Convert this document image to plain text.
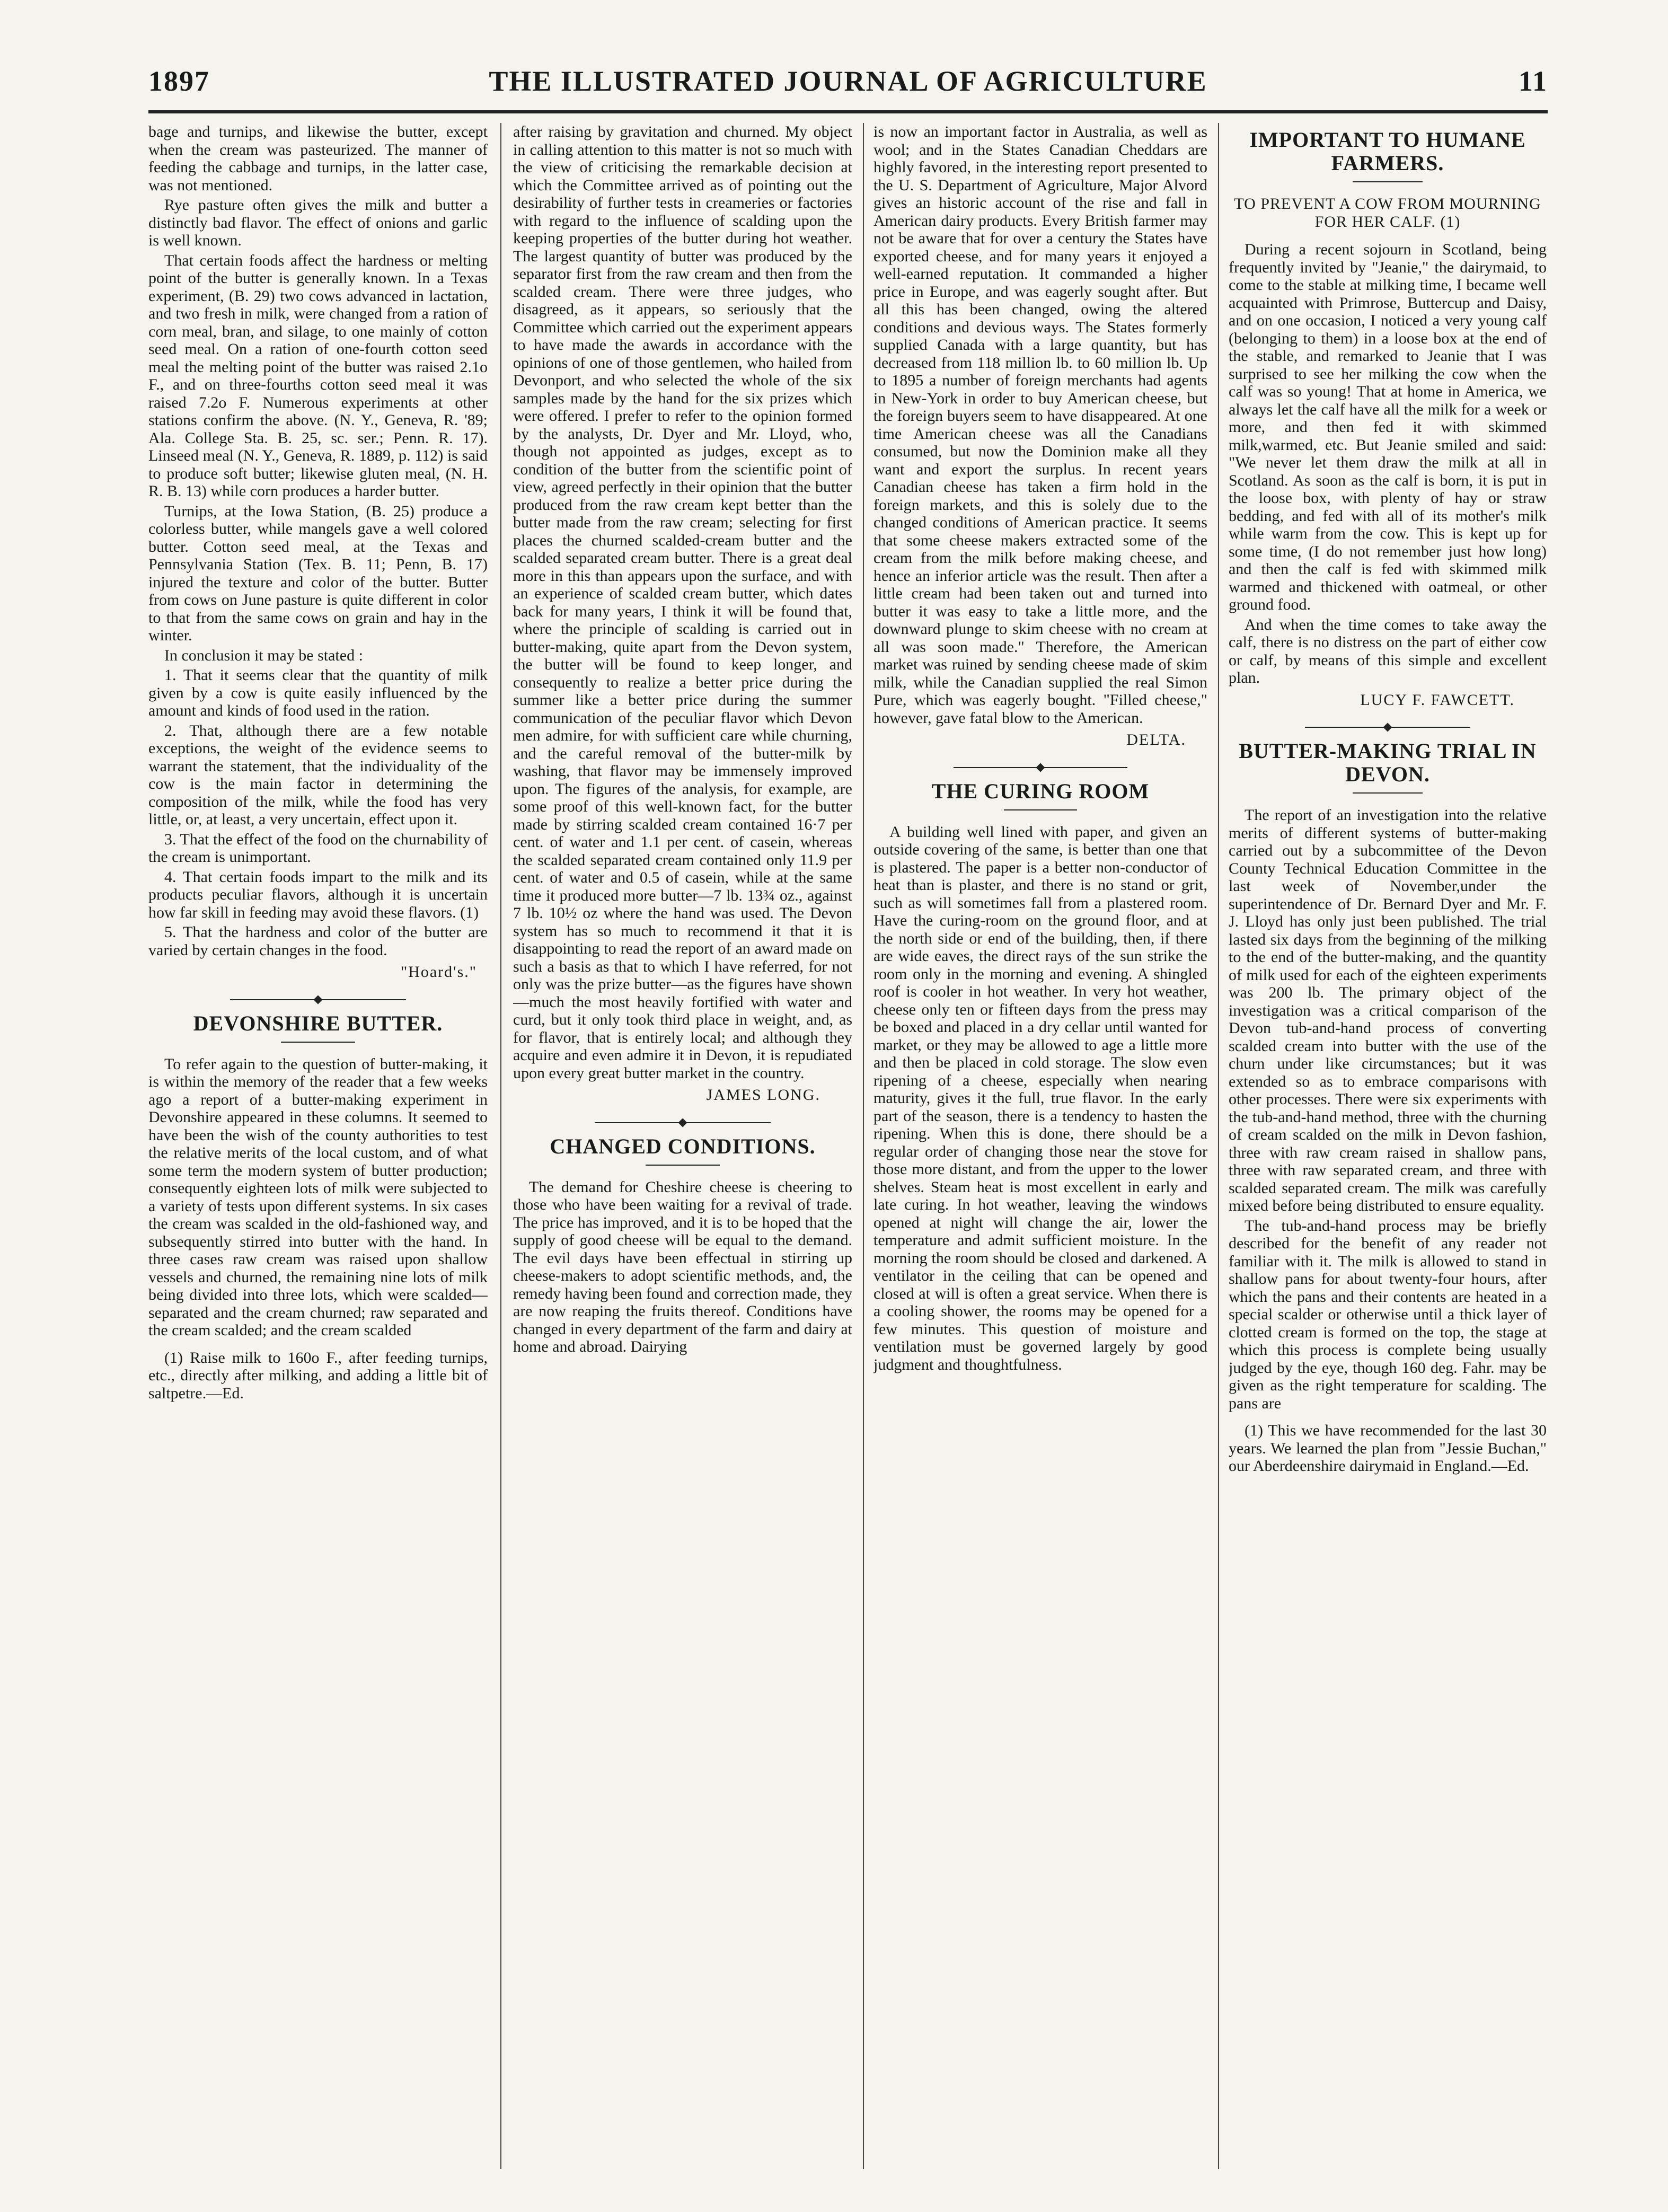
1897	THE ILLUSTRATED JOURNAL OF AGRICULTURE	11

bage and turnips, and likewise the butter, except when the cream was pasteurized. The manner of feeding the cabbage and turnips, in the latter case, was not mentioned.

Rye pasture often gives the milk and butter a distinctly bad flavor. The effect of onions and garlic is well known.

That certain foods affect the hardness or melting point of the butter is generally known. In a Texas experiment, (B. 29) two cows advanced in lactation, and two fresh in milk, were changed from a ration of corn meal, bran, and silage, to one mainly of cotton seed meal. On a ration of one-fourth cotton seed meal the melting point of the butter was raised 2.1o F., and on three-fourths cotton seed meal it was raised 7.2o F. Numerous experiments at other stations confirm the above. (N. Y., Geneva, R. '89; Ala. College Sta. B. 25, sc. ser.; Penn. R. 17). Linseed meal (N. Y., Geneva, R. 1889, p. 112) is said to produce soft butter; likewise gluten meal, (N. H. R. B. 13) while corn produces a harder butter.

Turnips, at the Iowa Station, (B. 25) produce a colorless butter, while mangels gave a well colored butter. Cotton seed meal, at the Texas and Pennsylvania Station (Tex. B. 11; Penn, B. 17) injured the texture and color of the butter. Butter from cows on June pasture is quite different in color to that from the same cows on grain and hay in the winter.

In conclusion it may be stated :

1. That it seems clear that the quantity of milk given by a cow is quite easily influenced by the amount and kinds of food used in the ration.

2. That, although there are a few notable exceptions, the weight of the evidence seems to warrant the statement, that the individuality of the cow is the main factor in determining the composition of the milk, while the food has very little, or, at least, a very uncertain, effect upon it.

3. That the effect of the food on the churnability of the cream is unimportant.

4. That certain foods impart to the milk and its products peculiar flavors, although it is uncertain how far skill in feeding may avoid these flavors. (1)

5. That the hardness and color of the butter are varied by certain changes in the food.

"Hoard's."
DEVONSHIRE BUTTER.

To refer again to the question of butter-making, it is within the memory of the reader that a few weeks ago a report of a butter-making experiment in Devonshire appeared in these columns. It seemed to have been the wish of the county authorities to test the relative merits of the local custom, and of what some term the modern system of butter production; consequently eighteen lots of milk were subjected to a variety of tests upon different systems. In six cases the cream was scalded in the old-fashioned way, and subsequently stirred into butter with the hand. In three cases raw cream was raised upon shallow vessels and churned, the remaining nine lots of milk being divided into three lots, which were scalded—separated and the cream churned; raw separated and the cream scalded; and the cream scalded

(1) Raise milk to 160o F., after feeding turnips, etc., directly after milking, and adding a little bit of saltpetre.—Ed.

after raising by gravitation and churned. My object in calling attention to this matter is not so much with the view of criticising the remarkable decision at which the Committee arrived as of pointing out the desirability of further tests in creameries or factories with regard to the influence of scalding upon the keeping properties of the butter during hot weather. The largest quantity of butter was produced by the separator first from the raw cream and then from the scalded cream. There were three judges, who disagreed, as it appears, so seriously that the Committee which carried out the experiment appears to have made the awards in accordance with the opinions of one of those gentlemen, who hailed from Devonport, and who selected the whole of the six samples made by the hand for the six prizes which were offered. I prefer to refer to the opinion formed by the analysts, Dr. Dyer and Mr. Lloyd, who, though not appointed as judges, except as to condition of the butter from the scientific point of view, agreed perfectly in their opinion that the butter produced from the raw cream kept better than the butter made from the raw cream; selecting for first places the churned scalded-cream butter and the scalded separated cream butter. There is a great deal more in this than appears upon the surface, and with an experience of scalded cream butter, which dates back for many years, I think it will be found that, where the principle of scalding is carried out in butter-making, quite apart from the Devon system, the butter will be found to keep longer, and consequently to realize a better price during the summer like a better price during the summer communication of the peculiar flavor which Devon men admire, for with sufficient care while churning, and the careful removal of the butter-milk by washing, that flavor may be immensely improved upon. The figures of the analysis, for example, are some proof of this well-known fact, for the butter made by stirring scalded cream contained 16·7 per cent. of water and 1.1 per cent. of casein, whereas the scalded separated cream contained only 11.9 per cent. of water and 0.5 of casein, while at the same time it produced more butter—7 lb. 13¾ oz., against 7 lb. 10½ oz where the hand was used. The Devon system has so much to recommend it that it is disappointing to read the report of an award made on such a basis as that to which I have referred, for not only was the prize butter—as the figures have shown—much the most heavily fortified with water and curd, but it only took third place in weight, and, as for flavor, that is entirely local; and although they acquire and even admire it in Devon, it is repudiated upon every great butter market in the country.

JAMES LONG.
CHANGED CONDITIONS.

The demand for Cheshire cheese is cheering to those who have been waiting for a revival of trade. The price has improved, and it is to be hoped that the supply of good cheese will be equal to the demand. The evil days have been effectual in stirring up cheese-makers to adopt scientific methods, and, the remedy having been found and correction made, they are now reaping the fruits thereof. Conditions have changed in every department of the farm and dairy at home and abroad. Dairying

is now an important factor in Australia, as well as wool; and in the States Canadian Cheddars are highly favored, in the interesting report presented to the U. S. Department of Agriculture, Major Alvord gives an historic account of the rise and fall in American dairy products. Every British farmer may not be aware that for over a century the States have exported cheese, and for many years it enjoyed a well-earned reputation. It commanded a higher price in Europe, and was eagerly sought after. But all this has been changed, owing the altered conditions and devious ways. The States formerly supplied Canada with a large quantity, but has decreased from 118 million lb. to 60 million lb. Up to 1895 a number of foreign merchants had agents in New-York in order to buy American cheese, but the foreign buyers seem to have disappeared. At one time American cheese was all the Canadians consumed, but now the Dominion make all they want and export the surplus. In recent years Canadian cheese has taken a firm hold in the foreign markets, and this is solely due to the changed conditions of American practice. It seems that some cheese makers extracted some of the cream from the milk before making cheese, and hence an inferior article was the result. Then after a little cream had been taken out and turned into butter it was easy to take a little more, and the downward plunge to skim cheese with no cream at all was soon made." Therefore, the American market was ruined by sending cheese made of skim milk, while the Canadian supplied the real Simon Pure, which was eagerly bought. "Filled cheese," however, gave fatal blow to the American.

DELTA.
THE CURING ROOM

A building well lined with paper, and given an outside covering of the same, is better than one that is plastered. The paper is a better non-conductor of heat than is plaster, and there is no stand or grit, such as will sometimes fall from a plastered room. Have the curing-room on the ground floor, and at the north side or end of the building, then, if there are wide eaves, the direct rays of the sun strike the room only in the morning and evening. A shingled roof is cooler in hot weather. In very hot weather, cheese only ten or fifteen days from the press may be boxed and placed in a dry cellar until wanted for market, or they may be allowed to age a little more and then be placed in cold storage. The slow even ripening of a cheese, especially when nearing maturity, gives it the full, true flavor. In the early part of the season, there is a tendency to hasten the ripening. When this is done, there should be a regular order of changing those near the stove for those more distant, and from the upper to the lower shelves. Steam heat is most excellent in early and late curing. In hot weather, leaving the windows opened at night will change the air, lower the temperature and admit sufficient moisture. In the morning the room should be closed and darkened. A ventilator in the ceiling that can be opened and closed at will is often a great service. When there is a cooling shower, the rooms may be opened for a few minutes. This question of moisture and ventilation must be governed largely by good judgment and thoughtfulness.

IMPORTANT TO HUMANE FARMERS.
TO PREVENT A COW FROM MOURNING FOR HER CALF. (1)

During a recent sojourn in Scotland, being frequently invited by "Jeanie," the dairymaid, to come to the stable at milking time, I became well acquainted with Primrose, Buttercup and Daisy, and on one occasion, I noticed a very young calf (belonging to them) in a loose box at the end of the stable, and remarked to Jeanie that I was surprised to see her milking the cow when the calf was so young! That at home in America, we always let the calf have all the milk for a week or more, and then fed it with skimmed milk,warmed, etc. But Jeanie smiled and said: "We never let them draw the milk at all in Scotland. As soon as the calf is born, it is put in the loose box, with plenty of hay or straw bedding, and fed with all of its mother's milk while warm from the cow. This is kept up for some time, (I do not remember just how long) and then the calf is fed with skimmed milk warmed and thickened with oatmeal, or other ground food.

And when the time comes to take away the calf, there is no distress on the part of either cow or calf, by means of this simple and excellent plan.

LUCY F. FAWCETT.
BUTTER-MAKING TRIAL IN DEVON.

The report of an investigation into the relative merits of different systems of butter-making carried out by a subcommittee of the Devon County Technical Education Committee in the last week of November,under the superintendence of Dr. Bernard Dyer and Mr. F. J. Lloyd has only just been published. The trial lasted six days from the beginning of the milking to the end of the butter-making, and the quantity of milk used for each of the eighteen experiments was 200 lb. The primary object of the investigation was a critical comparison of the Devon tub-and-hand process of converting scalded cream into butter with the use of the churn under like circumstances; but it was extended so as to embrace comparisons with other processes. There were six experiments with the tub-and-hand method, three with the churning of cream scalded on the milk in Devon fashion, three with raw cream raised in shallow pans, three with raw separated cream, and three with scalded separated cream. The milk was carefully mixed before being distributed to ensure equality.

The tub-and-hand process may be briefly described for the benefit of any reader not familiar with it. The milk is allowed to stand in shallow pans for about twenty-four hours, after which the pans and their contents are heated in a special scalder or otherwise until a thick layer of clotted cream is formed on the top, the stage at which this process is complete being usually judged by the eye, though 160 deg. Fahr. may be given as the right temperature for scalding. The pans are

(1) This we have recommended for the last 30 years. We learned the plan from "Jessie Buchan," our Aberdeenshire dairymaid in England.—Ed.
